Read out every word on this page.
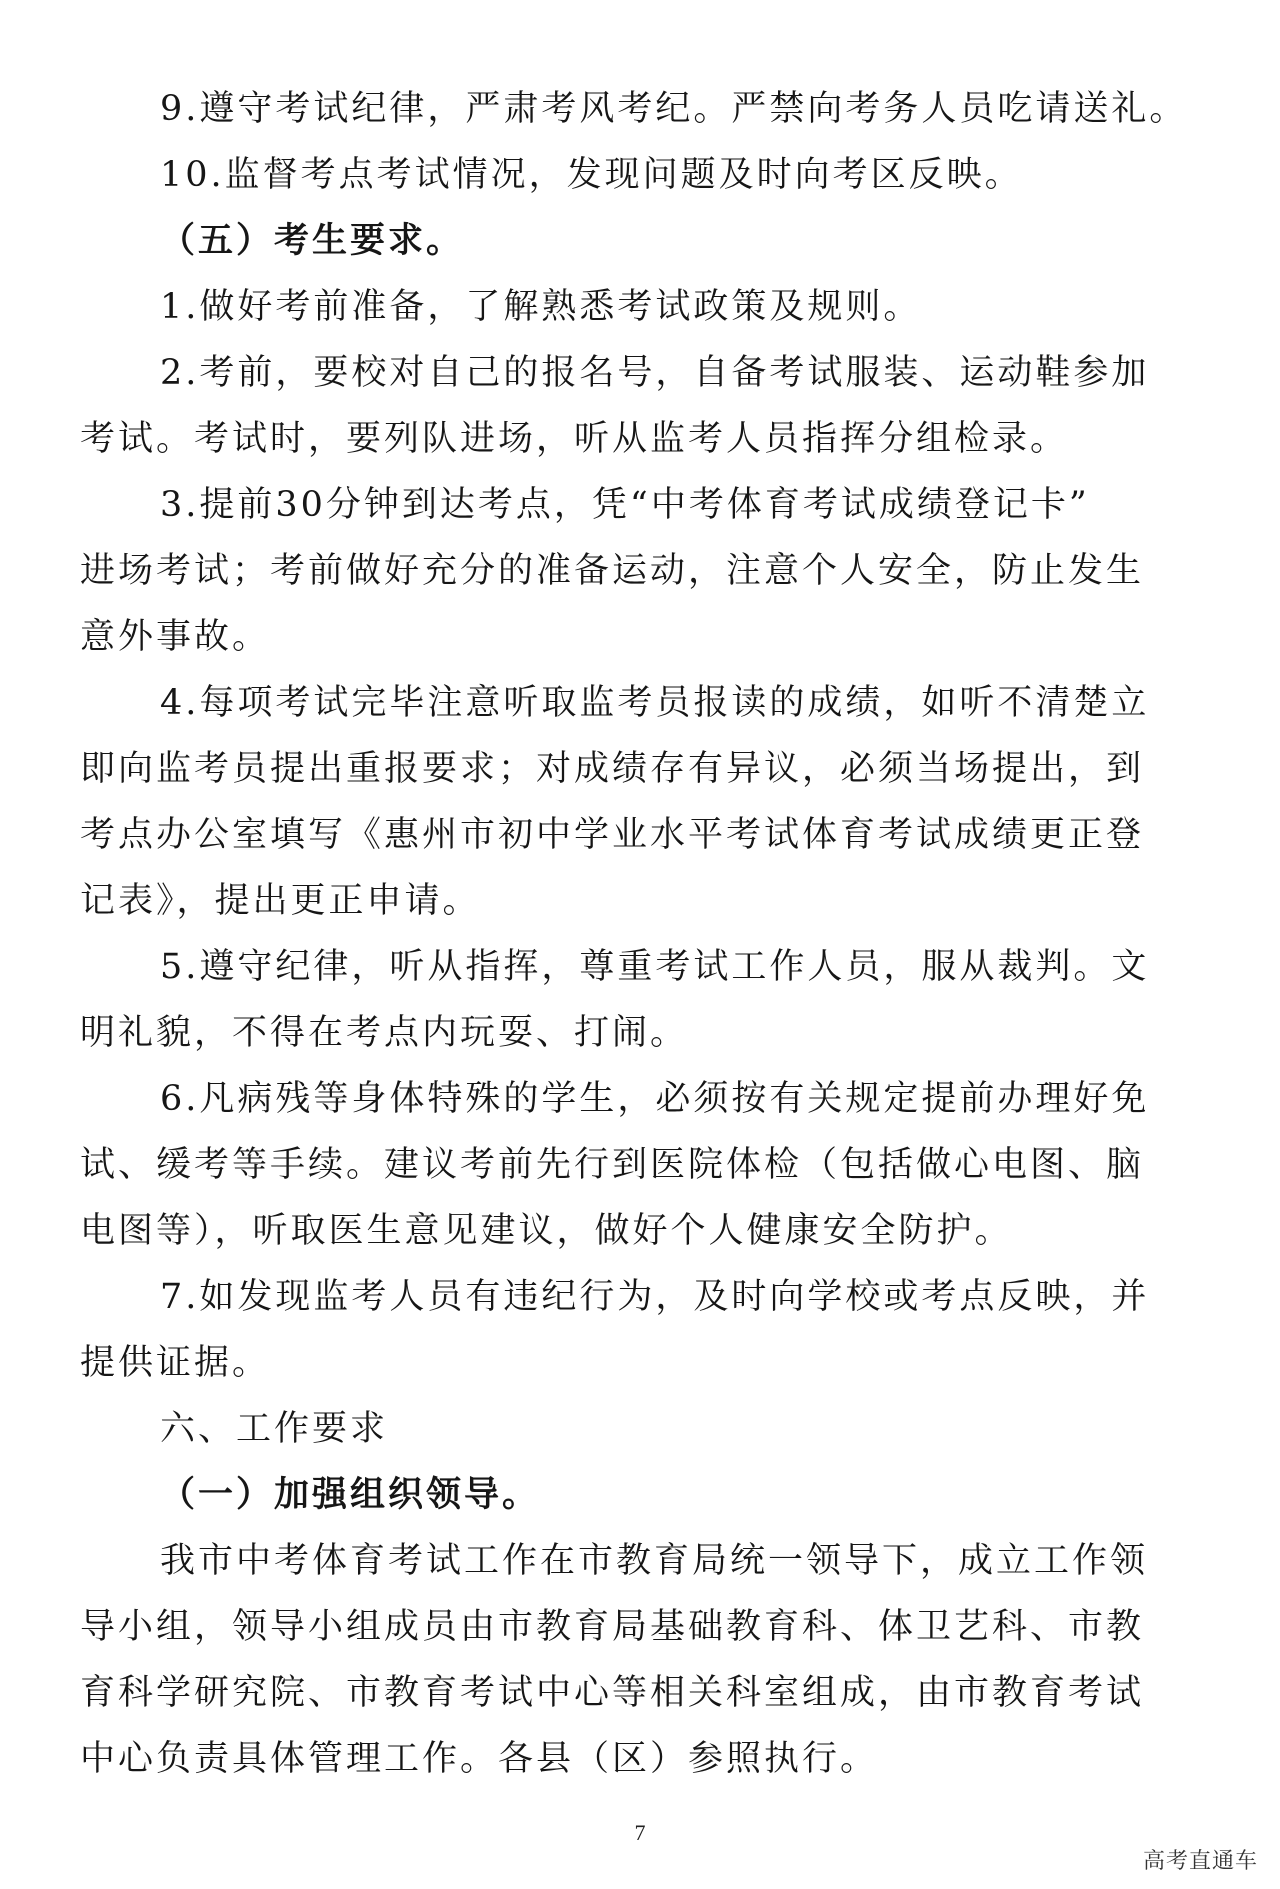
9.遵守考试纪律，严肃考风考纪。严禁向考务人员吃请送礼。

10.监督考点考试情况，发现问题及时向考区反映。

（五）考生要求。

1.做好考前准备，了解熟悉考试政策及规则。

2.考前，要校对自己的报名号，自备考试服装、运动鞋参加

考试。考试时，要列队进场，听从监考人员指挥分组检录。

3.提前30分钟到达考点，凭“中考体育考试成绩登记卡”

进场考试；考前做好充分的准备运动，注意个人安全，防止发生

意外事故。

4.每项考试完毕注意听取监考员报读的成绩，如听不清楚立

即向监考员提出重报要求；对成绩存有异议，必须当场提出，到

考点办公室填写《惠州市初中学业水平考试体育考试成绩更正登

记表》，提出更正申请。

5.遵守纪律，听从指挥，尊重考试工作人员，服从裁判。文

明礼貌，不得在考点内玩耍、打闹。

6.凡病残等身体特殊的学生，必须按有关规定提前办理好免

试、缓考等手续。建议考前先行到医院体检（包括做心电图、脑

电图等），听取医生意见建议，做好个人健康安全防护。

7.如发现监考人员有违纪行为，及时向学校或考点反映，并

提供证据。

六、工作要求

（一）加强组织领导。

我市中考体育考试工作在市教育局统一领导下，成立工作领

导小组，领导小组成员由市教育局基础教育科、体卫艺科、市教

育科学研究院、市教育考试中心等相关科室组成，由市教育考试

中心负责具体管理工作。各县（区）参照执行。

7
高考直通车
